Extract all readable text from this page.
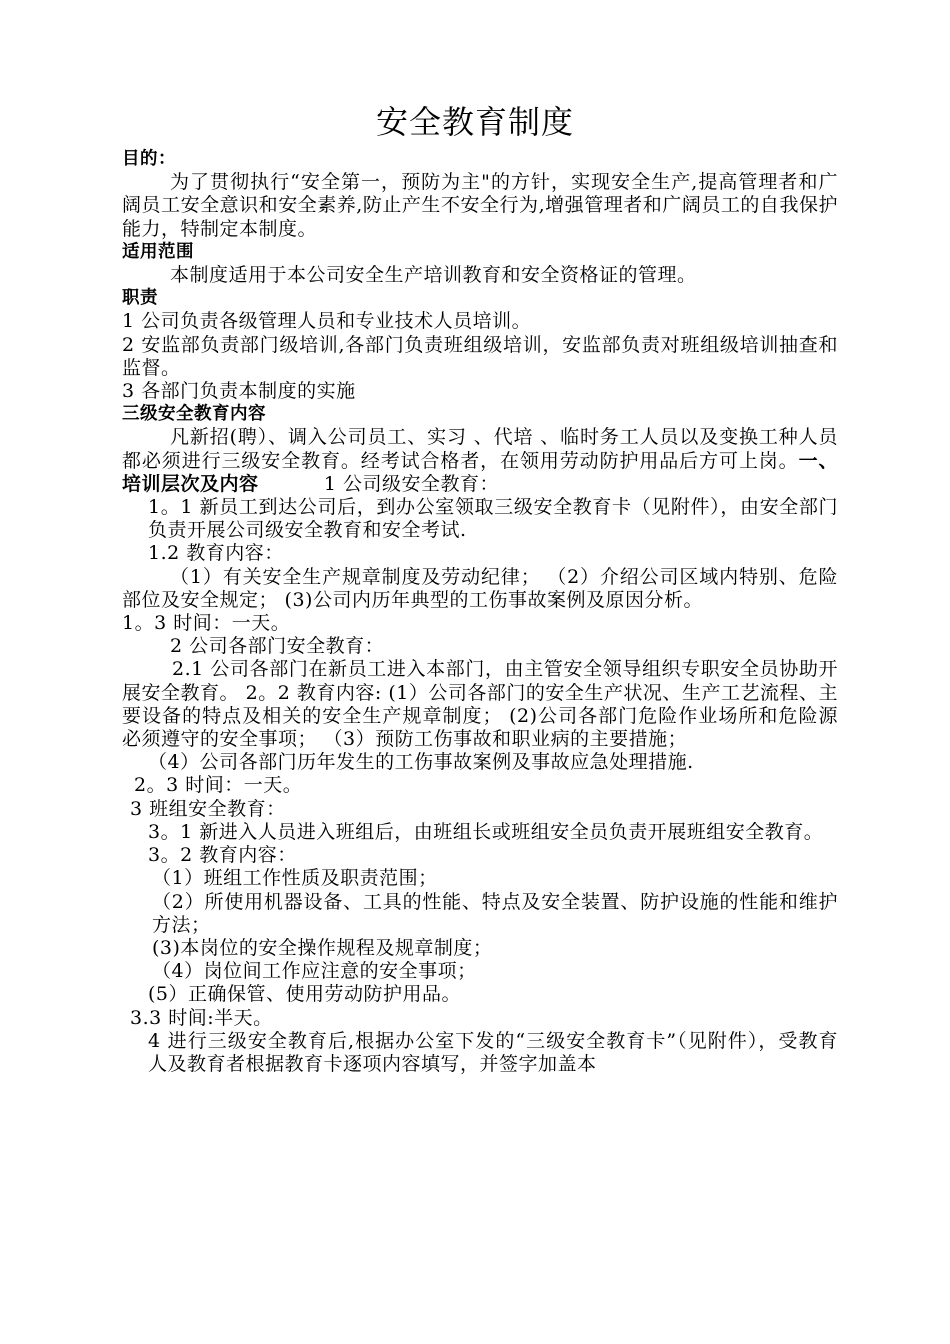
安全教育制度

目的：

为了贯彻执行“安全第一，预防为主"的方针，实现安全生产,提高管理者和广阔员工安全意识和安全素养,防止产生不安全行为,增强管理者和广阔员工的自我保护能力，特制定本制度。

适用范围

本制度适用于本公司安全生产培训教育和安全资格证的管理。

职责

1 公司负责各级管理人员和专业技术人员培训。

2 安监部负责部门级培训,各部门负责班组级培训，安监部负责对班组级培训抽查和监督。

3 各部门负责本制度的实施

三级安全教育内容

凡新招(聘）、调入公司员工、实习 、代培 、临时务工人员以及变换工种人员都必须进行三级安全教育。经考试合格者，在领用劳动防护用品后方可上岗。一、 培训层次及内容	1 公司级安全教育：

1。1 新员工到达公司后，到办公室领取三级安全教育卡（见附件），由安全部门负责开展公司级安全教育和安全考试.

1.2 教育内容：

（1）有关安全生产规章制度及劳动纪律； （2）介绍公司区域内特别、危险部位及安全规定； (3)公司内历年典型的工伤事故案例及原因分析。

1。3 时间：一天。

2 公司各部门安全教育：

2.1 公司各部门在新员工进入本部门，由主管安全领导组织专职安全员协助开展安全教育。 2。2 教育内容: (1）公司各部门的安全生产状况、生产工艺流程、主要设备的特点及相关的安全生产规章制度； (2)公司各部门危险作业场所和危险源必须遵守的安全事项； （3）预防工伤事故和职业病的主要措施；

（4）公司各部门历年发生的工伤事故案例及事故应急处理措施.

2。3 时间：一天。

3 班组安全教育：

3。1 新进入人员进入班组后，由班组长或班组安全员负责开展班组安全教育。

3。2 教育内容：

（1）班组工作性质及职责范围；

（2）所使用机器设备、工具的性能、特点及安全装置、防护设施的性能和维护方法；

(3)本岗位的安全操作规程及规章制度；

（4）岗位间工作应注意的安全事项；

(5）正确保管、使用劳动防护用品。

3.3 时间:半天。

4 进行三级安全教育后,根据办公室下发的“三级安全教育卡”（见附件），受教育人及教育者根据教育卡逐项内容填写，并签字加盖本
